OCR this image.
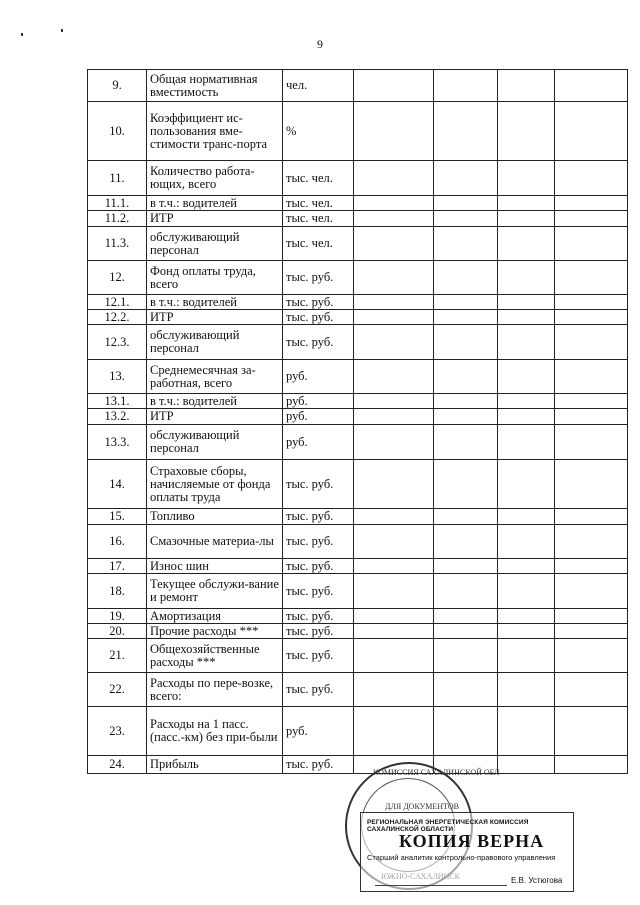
9
9.	Общая нормативная вместимость	чел.				
10.	Коэффициент ис-пользования вме-стимости транс-порта	%				
11.	Количество работа-ющих, всего	тыс. чел.				
11.1.	в т.ч.: водителей	тыс. чел.				
11.2.	ИТР	тыс. чел.				
11.3.	обслуживающий персонал	тыс. чел.				
12.	Фонд оплаты труда, всего	тыс. руб.				
12.1.	в т.ч.: водителей	тыс. руб.				
12.2.	ИТР	тыс. руб.				
12.3.	обслуживающий персонал	тыс. руб.				
13.	Среднемесячная за-работная, всего	руб.				
13.1.	в т.ч.: водителей	руб.				
13.2.	ИТР	руб.				
13.3.	обслуживающий персонал	руб.				
14.	Страховые сборы, начисляемые от фонда оплаты труда	тыс. руб.				
15.	Топливо	тыс. руб.				
16.	Смазочные материа-лы	тыс. руб.				
17.	Износ шин	тыс. руб.				
18.	Текущее обслужи-вание и ремонт	тыс. руб.				
19.	Амортизация	тыс. руб.				
20.	Прочие расходы ***	тыс. руб.				
21.	Общехозяйственные расходы ***	тыс. руб.				
22.	Расходы по пере-возке, всего:	тыс. руб.				
23.	Расходы на 1 пасс. (пасс.-км) без при-были	руб.				
24.	Прибыль	тыс. руб.				
КОМИССИЯ САХАЛИНСКОЙ ОБЛ
ДЛЯ ДОКУМЕНТОВ
РЕГИОНАЛЬНАЯ ЭНЕРГЕТИЧЕСКАЯ КОМИССИЯ САХАЛИНСКОЙ ОБЛАСТИ
КОПИЯ ВЕРНА
Старший аналитик контрольно-правового управления
Е.В. Устюгова
